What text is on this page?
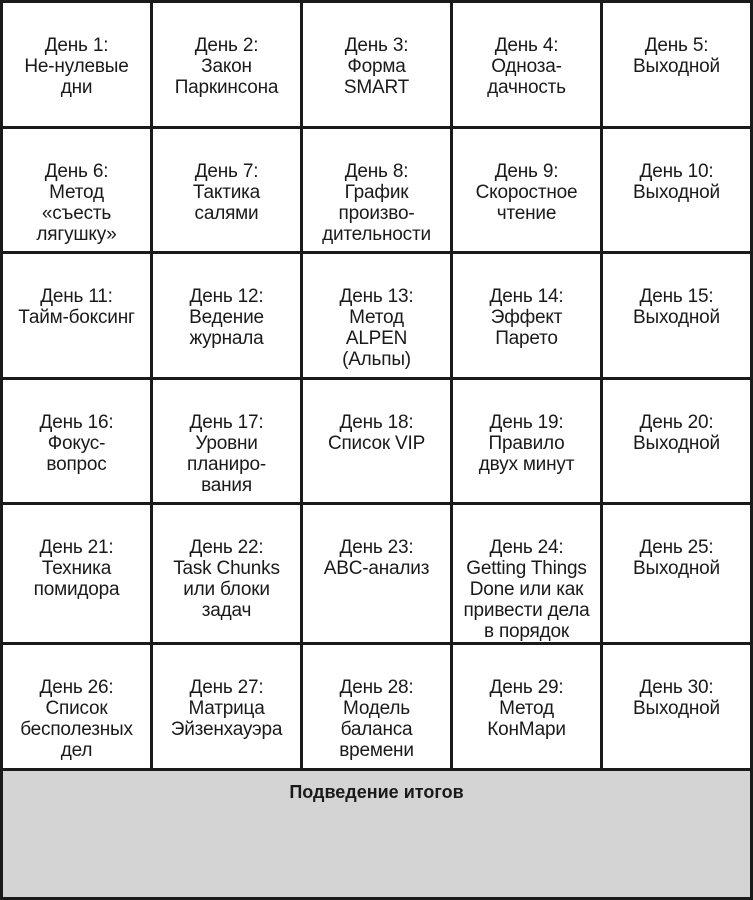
День 1:
Не-нулевые
дни
День 2:
Закон
Паркинсона
День 3:
Форма
SMART
День 4:
Одноза-
дачность
День 5:
Выходной
День 6:
Метод
«съесть
лягушку»
День 7:
Тактика
салями
День 8:
График
произво-
дительности
День 9:
Скоростное
чтение
День 10:
Выходной
День 11:
Тайм-боксинг
День 12:
Ведение
журнала
День 13:
Метод
ALPEN
(Альпы)
День 14:
Эффект
Парето
День 15:
Выходной
День 16:
Фокус-
вопрос
День 17:
Уровни
планиро-
вания
День 18:
Список VIP
День 19:
Правило
двух минут
День 20:
Выходной
День 21:
Техника
помидора
День 22:
Task Chunks
или блоки
задач
День 23:
ABC-анализ
День 24:
Getting Things
Done или как
привести дела
в порядок
День 25:
Выходной
День 26:
Список
бесполезных
дел
День 27:
Матрица
Эйзенхауэра
День 28:
Модель
баланса
времени
День 29:
Метод
КонМари
День 30:
Выходной
Подведение итогов
